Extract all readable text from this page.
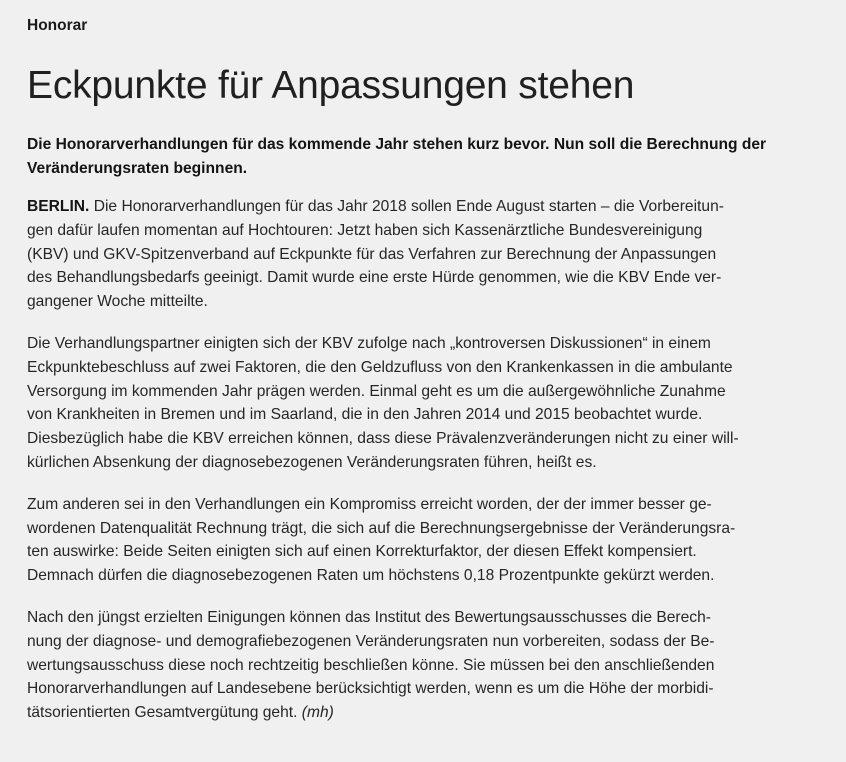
Honorar

Eckpunkte für Anpassungen stehen

Die Honorarverhandlungen für das kommende Jahr stehen kurz bevor. Nun soll die Berechnung der
Veränderungsraten beginnen.

BERLIN. Die Honorarverhandlungen für das Jahr 2018 sollen Ende August starten – die Vorbereitun-
gen dafür laufen momentan auf Hochtouren: Jetzt haben sich Kassenärztliche Bundesvereinigung
(KBV) und GKV-Spitzenverband auf Eckpunkte für das Verfahren zur Berechnung der Anpassungen
des Behandlungsbedarfs geeinigt. Damit wurde eine erste Hürde genommen, wie die KBV Ende ver-
gangener Woche mitteilte.

Die Verhandlungspartner einigten sich der KBV zufolge nach „kontroversen Diskussionen“ in einem
Eckpunktebeschluss auf zwei Faktoren, die den Geldzufluss von den Krankenkassen in die ambulante
Versorgung im kommenden Jahr prägen werden. Einmal geht es um die außergewöhnliche Zunahme
von Krankheiten in Bremen und im Saarland, die in den Jahren 2014 und 2015 beobachtet wurde.
Diesbezüglich habe die KBV erreichen können, dass diese Prävalenzveränderungen nicht zu einer will-
kürlichen Absenkung der diagnosebezogenen Veränderungsraten führen, heißt es.

Zum anderen sei in den Verhandlungen ein Kompromiss erreicht worden, der der immer besser ge-
wordenen Datenqualität Rechnung trägt, die sich auf die Berechnungsergebnisse der Veränderungsra-
ten auswirke: Beide Seiten einigten sich auf einen Korrekturfaktor, der diesen Effekt kompensiert.
Demnach dürfen die diagnosebezogenen Raten um höchstens 0,18 Prozentpunkte gekürzt werden.

Nach den jüngst erzielten Einigungen können das Institut des Bewertungsausschusses die Berech-
nung der diagnose- und demografiebezogenen Veränderungsraten nun vorbereiten, sodass der Be-
wertungsausschuss diese noch rechtzeitig beschließen könne. Sie müssen bei den anschließenden
Honorarverhandlungen auf Landesebene berücksichtigt werden, wenn es um die Höhe der morbidi-
tätsorientierten Gesamtvergütung geht. (mh)
